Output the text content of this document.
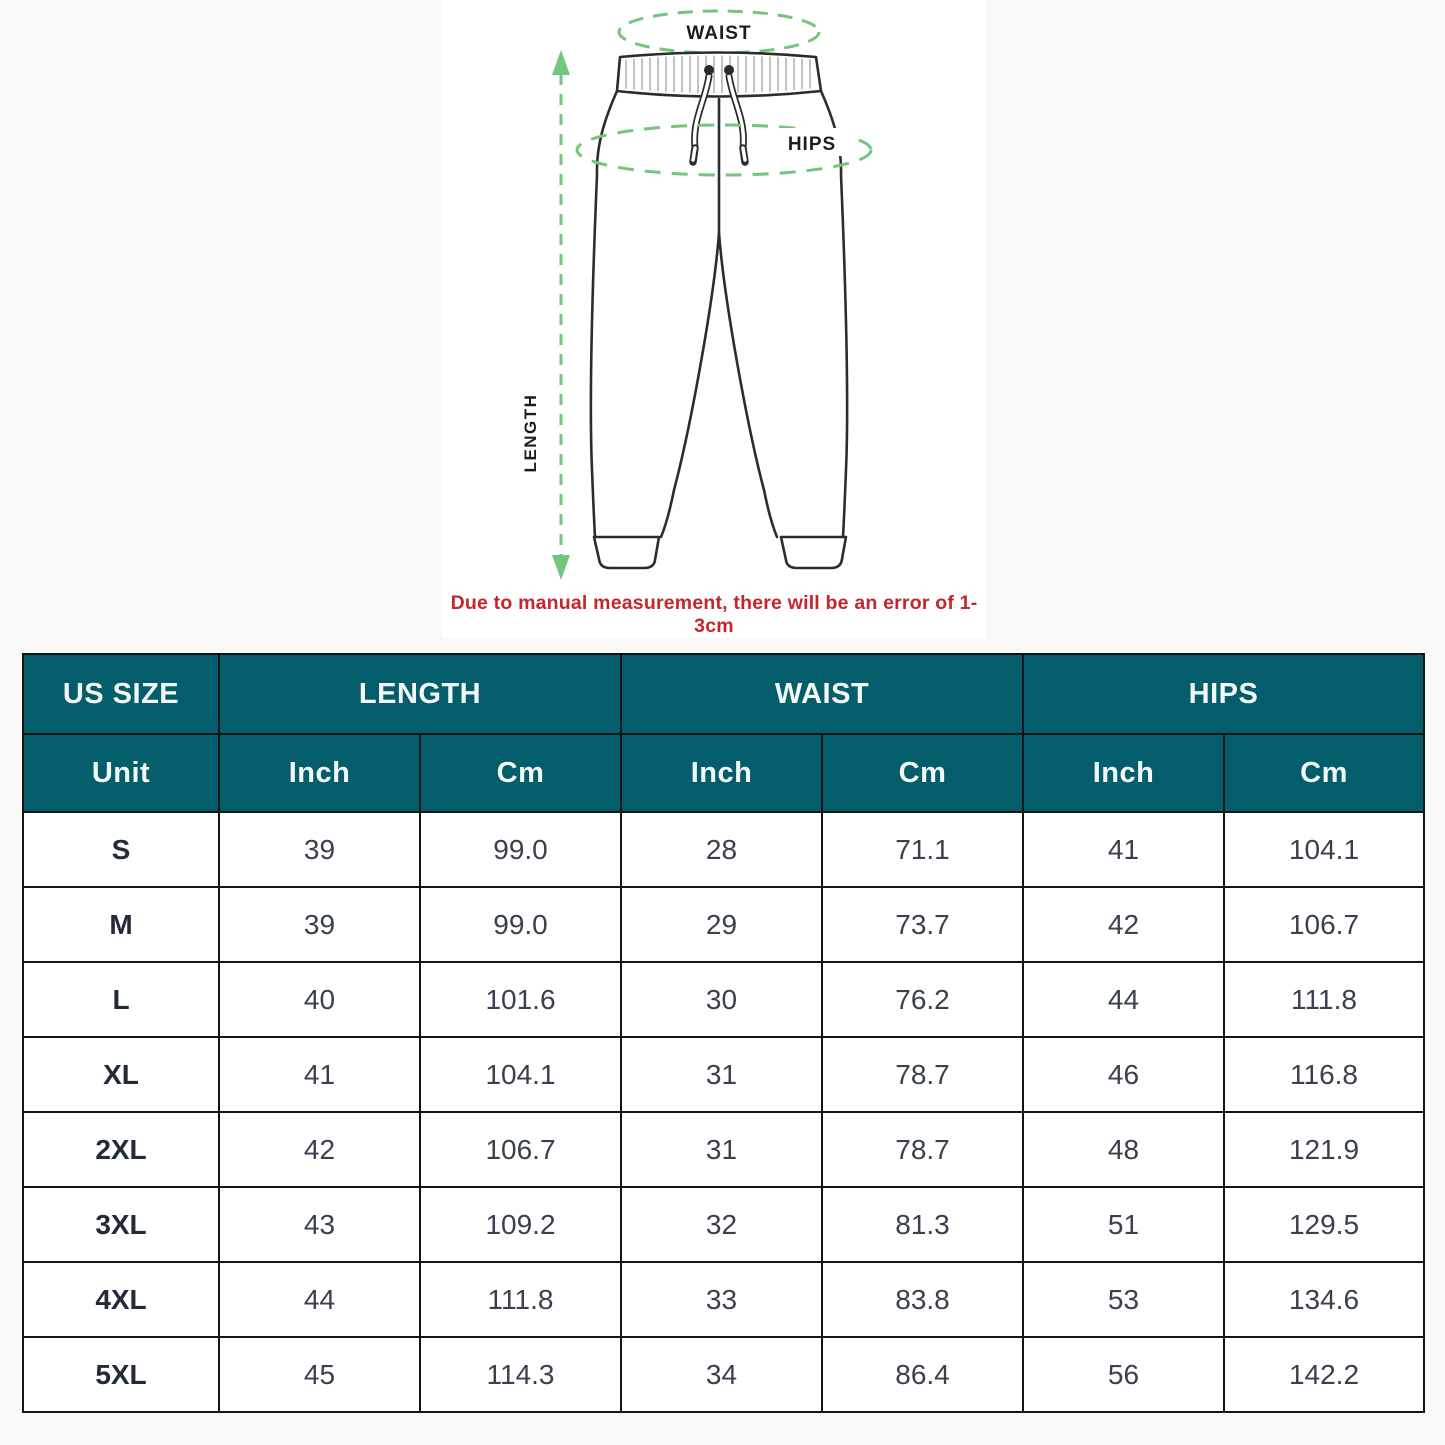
WAIST
HIPS
LENGTH
Due to manual measurement, there will be an error of 1-3cm
US SIZE	LENGTH		WAIST		HIPS	
Unit	Inch	Cm	Inch	Cm	Inch	Cm
S	39	99.0	28	71.1	41	104.1
M	39	99.0	29	73.7	42	106.7
L	40	101.6	30	76.2	44	111.8
XL	41	104.1	31	78.7	46	116.8
2XL	42	106.7	31	78.7	48	121.9
3XL	43	109.2	32	81.3	51	129.5
4XL	44	111.8	33	83.8	53	134.6
5XL	45	114.3	34	86.4	56	142.2
